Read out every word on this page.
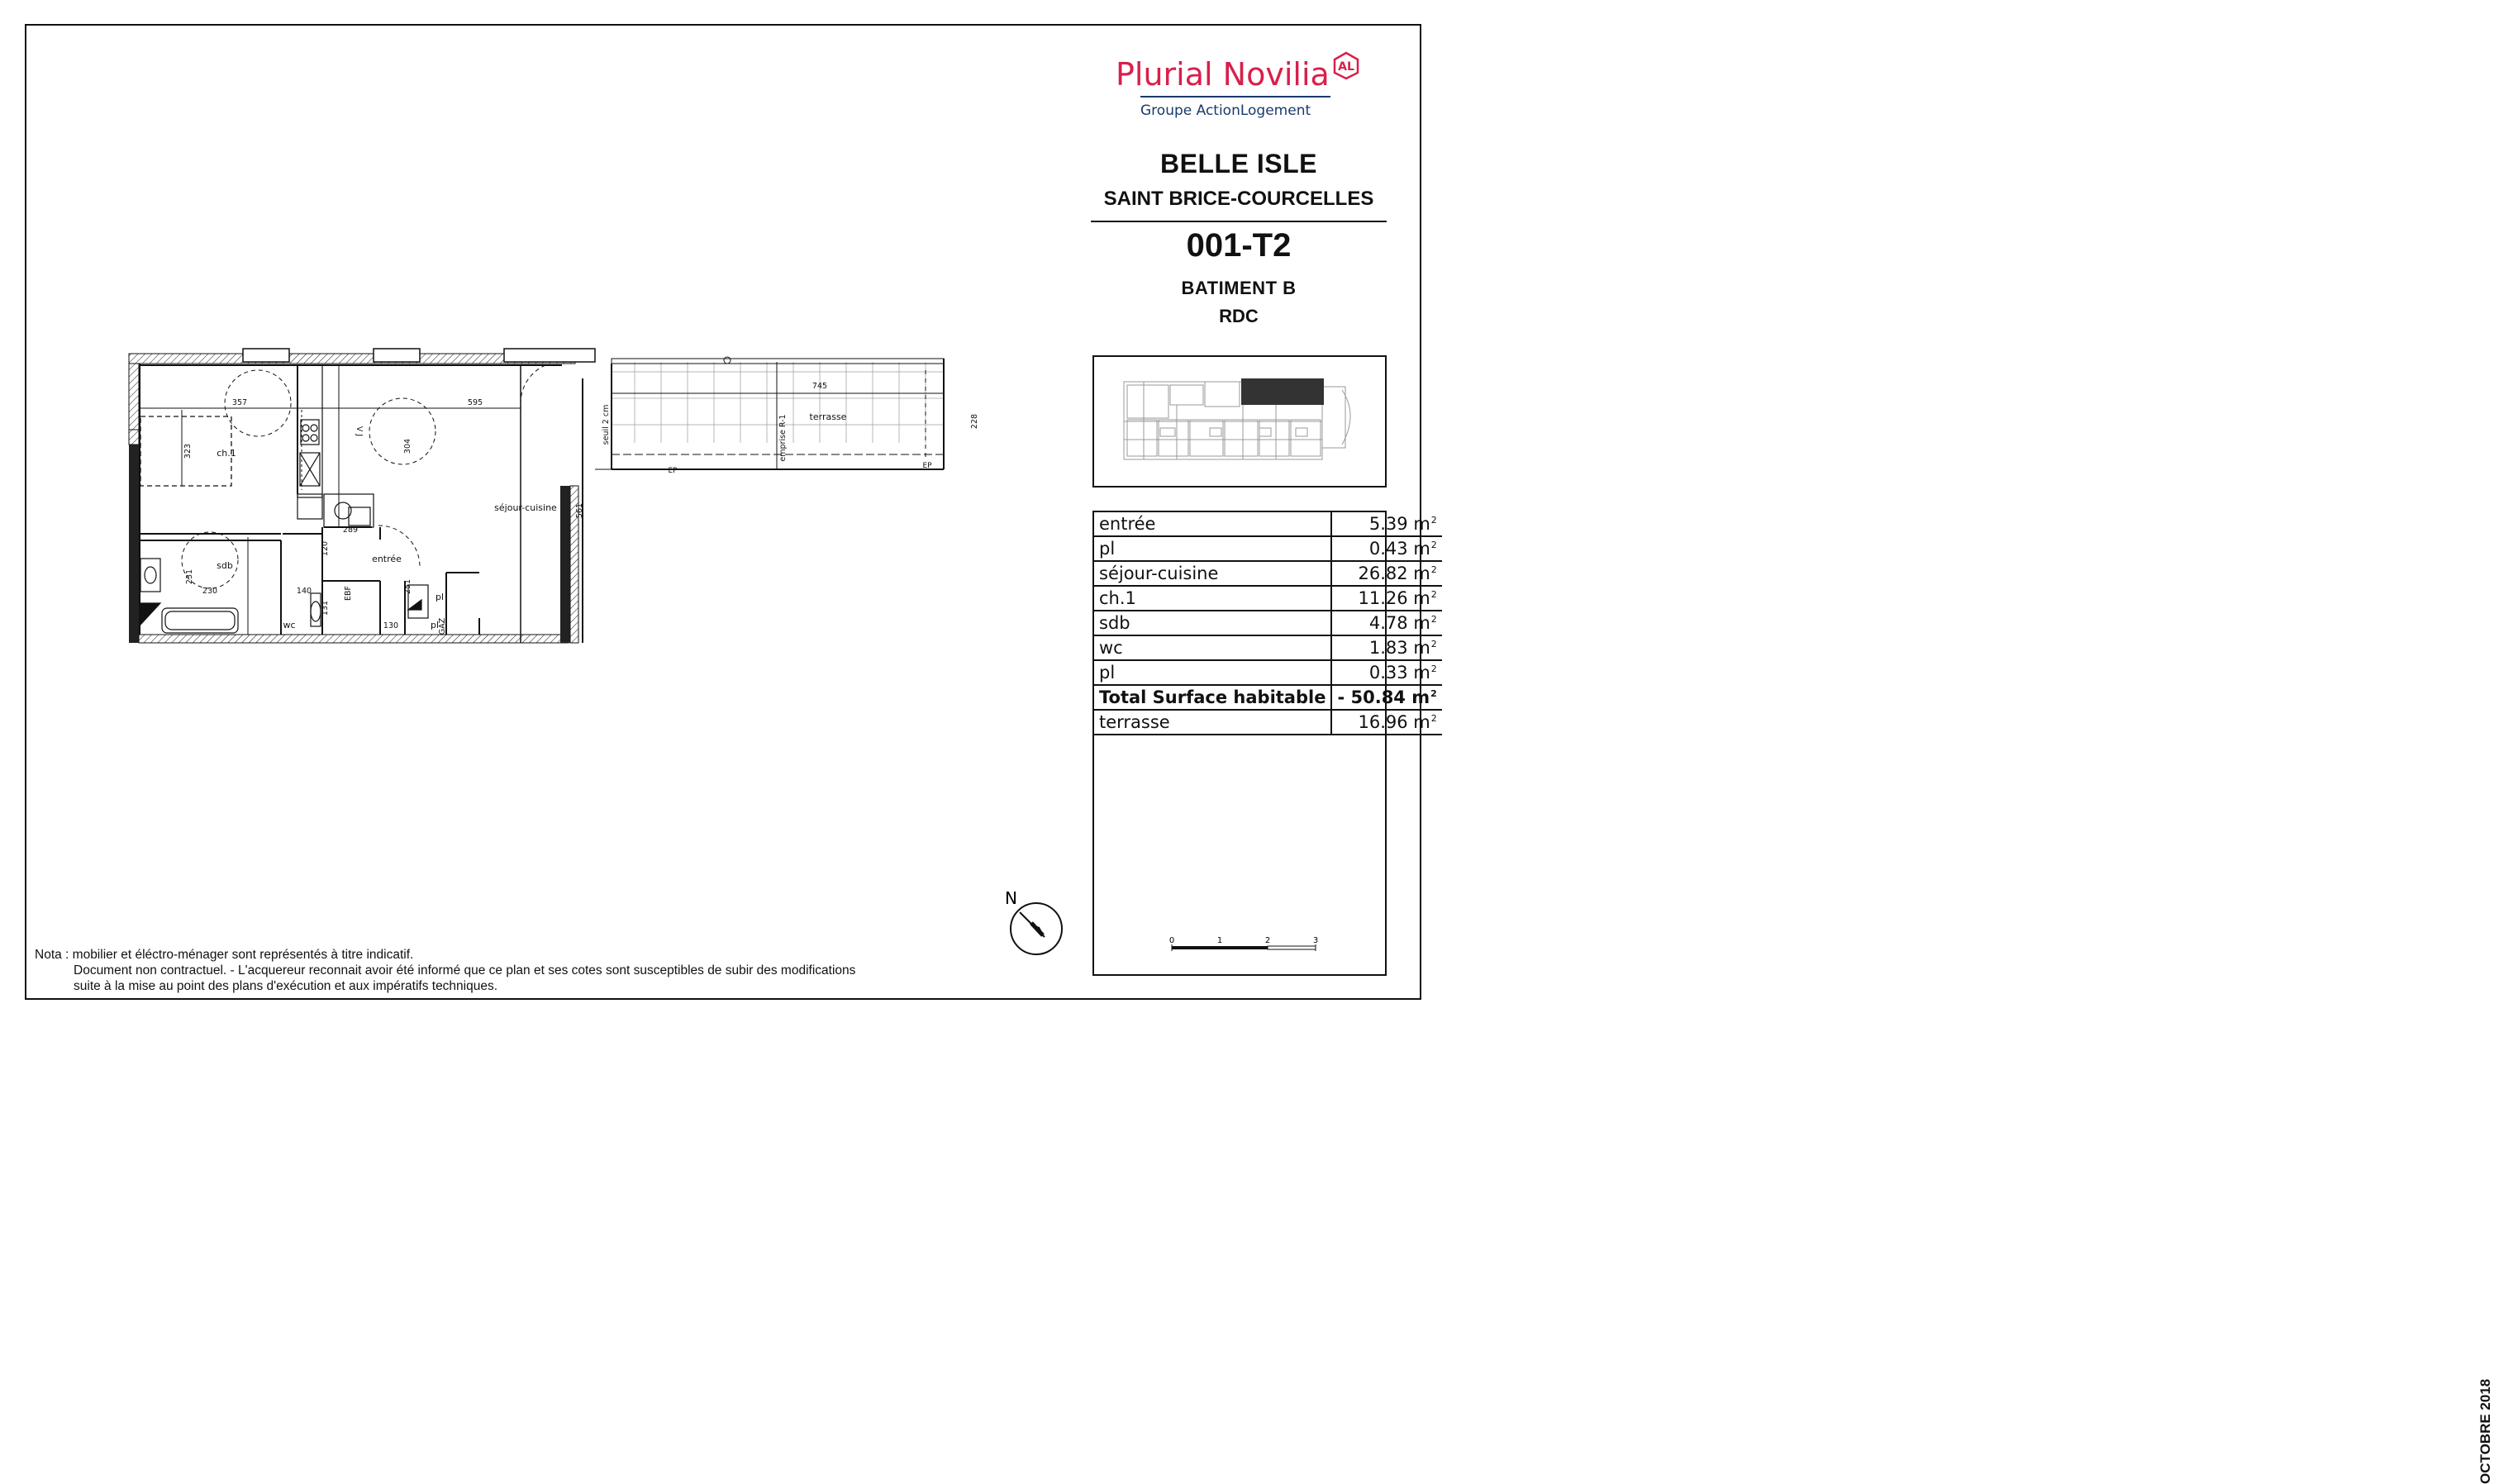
Plurial Novilia AL
Groupe ActionLogement
BELLE ISLE
SAINT BRICE-COURCELLES
001-T2
BATIMENT B
RDC
entrée	5.39 $m^2$
pl	0.43 $m^2$
séjour-cuisine	26.82 $m^2$
ch.1	11.26 $m^2$
sdb	4.78 $m^2$
wc	1.83 $m^2$
pl	0.33 $m^2$
Total Surface habitable	- 50.84 $m^2$
terrasse	16.96 $m^2$
OCTOBRE 2018
0	1	2	3
N
Nota : mobilier et éléctro-ménager sont représentés à titre indicatif.
Document non contractuel. - L'acquereur reconnait avoir été informé que ce plan et ses cotes sont susceptibles de subir des modifications
suite à la mise au point des plans d'exécution et aux impératifs techniques.
ch.1
sdb
wc
entrée
séjour-cuisine
terrasse
pl
pl
EP
EP
357	595
745
289
230	140
130
323	304
561
228
120
231
131
251
seuil 2 cm	emprise R-1
GAZ
V J
EBF
